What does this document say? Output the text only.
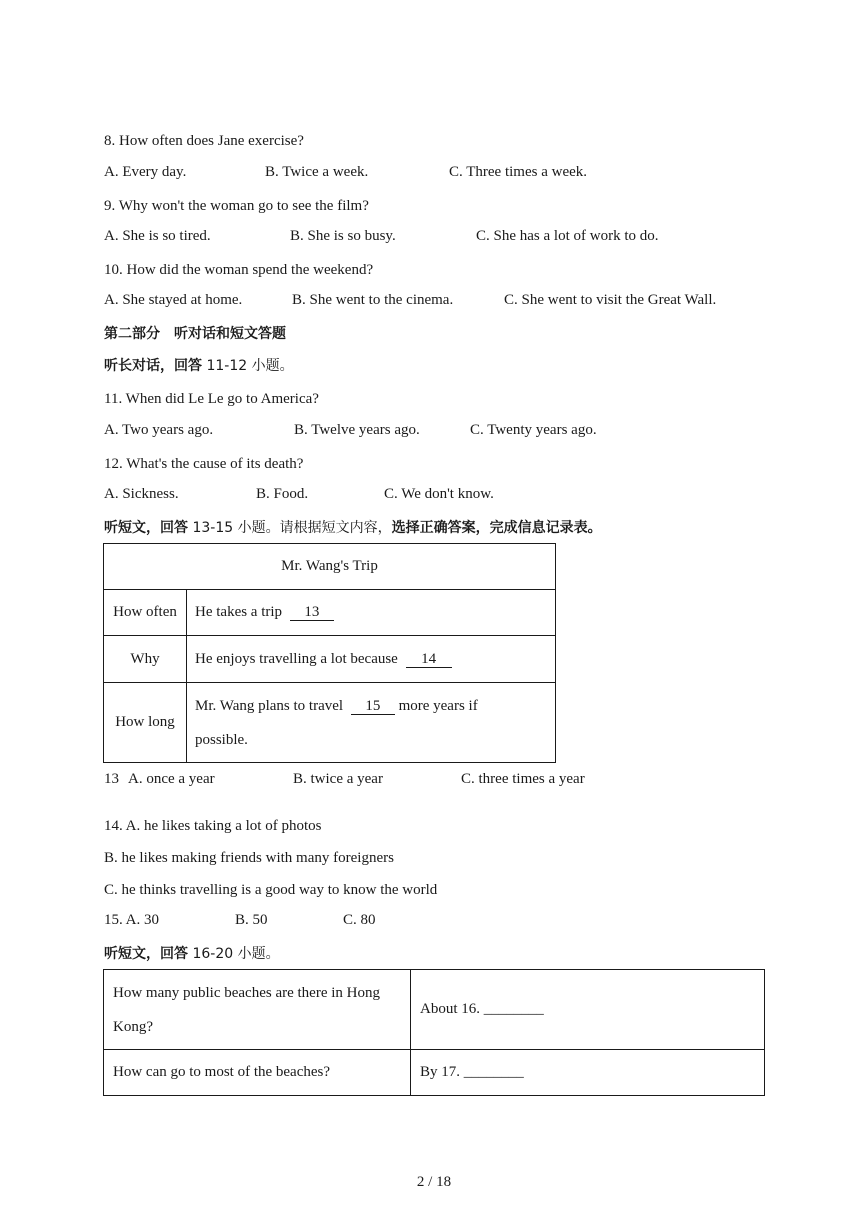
8. How often does Jane exercise?
A. Every day.	B. Twice a week.	C. Three times a week.
9. Why won't the woman go to see the film?
A. She is so tired.	B. She is so busy.	C. She has a lot of work to do.
10. How did the woman spend the weekend?
A. She stayed at home.	B. She went to the cinema.	C. She went to visit the Great Wall.
第二部分　听对话和短文答题
听长对话，回答 11-12 小题。
11. When did Le Le go to America?
A. Two years ago.	B. Twelve years ago.	C. Twenty years ago.
12. What's the cause of its death?
A. Sickness.	B. Food.	C. We don't know.
听短文，回答 13-15 小题。请根据短文内容，选择正确答案，完成信息记录表。
Mr. Wang's Trip	
How often	He takes a trip 13
Why	He enjoys travelling a lot because 14
How long	Mr. Wang plans to travel 15 more years if
possible.
13 A. once a year	B. twice a year	C. three times a year
14. A. he likes taking a lot of photos
B. he likes making friends with many foreigners
C. he thinks travelling is a good way to know the world
15. A. 30	B. 50	C. 80
听短文，回答 16-20 小题。
How many public beaches are there in Hong
Kong?	About 16. ________
How can go to most of the beaches?	By 17. ________
2 / 18
